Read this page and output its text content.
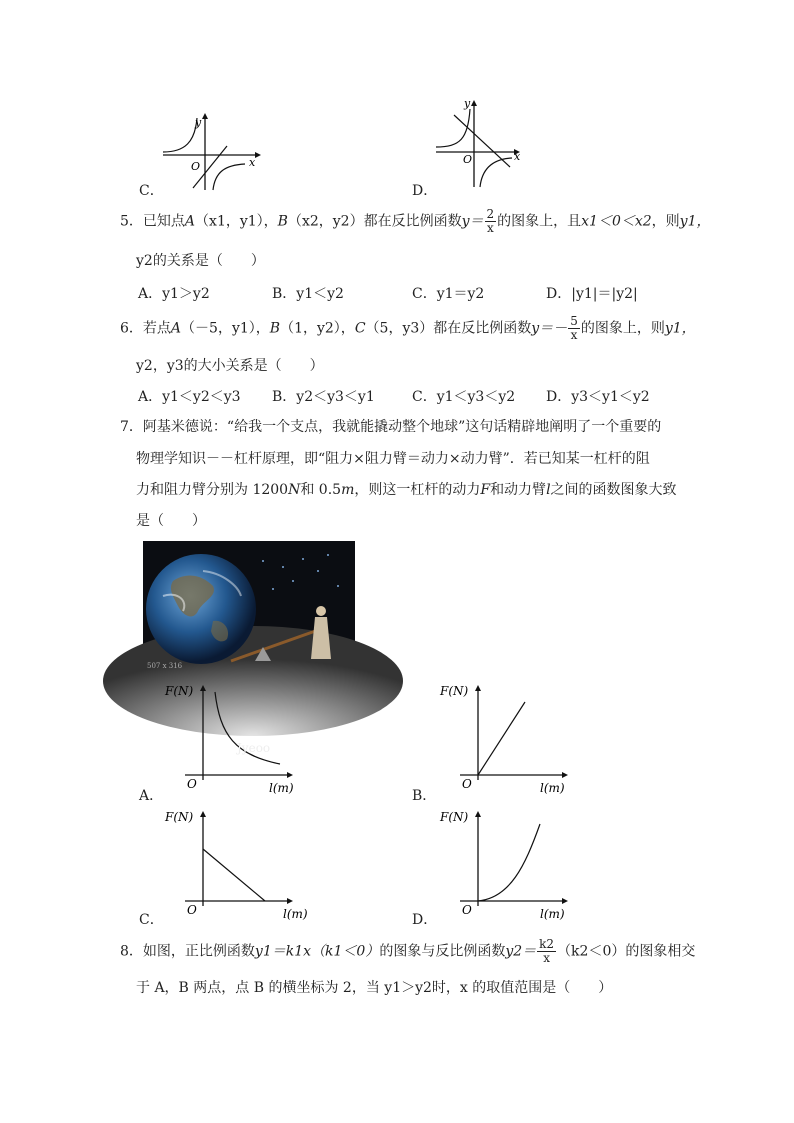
y
x
O
C．
y
x
O
D．
5．已知点A（x1，y1），B（x2，y2）都在反比例函数$y= \frac{2}{x}$ 的图象上，且x1＜0＜x2，则y1，
y2的关系是（　　）
A．y1＞y2	B．y1＜y2	C．y1＝y2	D．|y1|＝|y2|
6．若点A（－5，y1），B（1，y2），C（5，y3）都在反比例函数$y=- \frac{5}{x}$ 的图象上，则y1，
y2，y3的大小关系是（　　）
A．y1＜y2＜y3 B．y2＜y3＜y1	C．y1＜y3＜y2 D．y3＜y1＜y2
7．阿基米德说：“给我一个支点，我就能撬动整个地球”这句话精辟地阐明了一个重要的
物理学知识－－杠杆原理，即“阻力×阻力臂＝动力×动力臂”．若已知某一杠杆的阻
力和阻力臂分别为 1200N和 0.5m，则这一杠杆的动力F和动力臂l之间的函数图象大致
是（　　）
507 x 316
Jyeoo
F(N)
O	l(m)
A．
F(N)
O	l(m)
B．
F(N)
O	l(m)
C．
F(N)
O	l(m)
D．
8．如图，正比例函数y1＝k1x（k1＜0）的图象与反比例函数$y2= \frac{k2}{x} (k2<0)$的图象相交
于 A，B 两点，点 B 的横坐标为 2，当 y1＞y2时，x 的取值范围是（　　）
